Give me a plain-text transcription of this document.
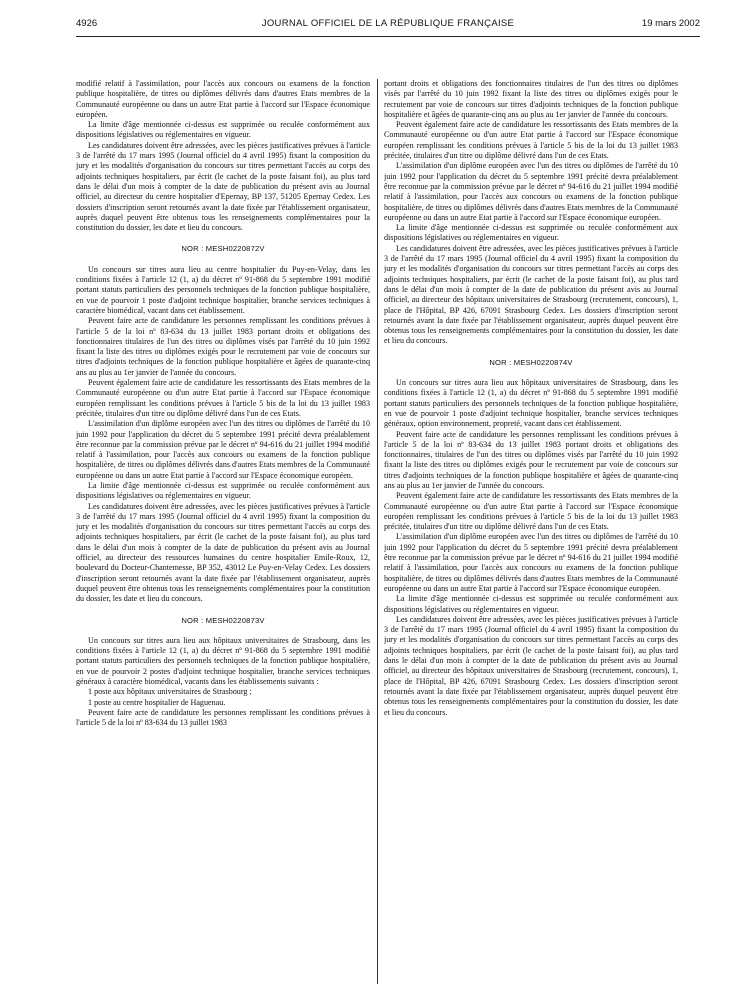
4926	JOURNAL OFFICIEL DE LA RÉPUBLIQUE FRANÇAISE	19 mars 2002

modifié relatif à l'assimilation, pour l'accès aux concours ou examens de la fonction publique hospitalière, de titres ou diplômes délivrés dans d'autres Etats membres de la Communauté européenne ou dans un autre Etat partie à l'accord sur l'Espace économique européen.

La limite d'âge mentionnée ci-dessus est supprimée ou reculée conformément aux dispositions législatives ou réglementaires en vigueur.

Les candidatures doivent être adressées, avec les pièces justificatives prévues à l'article 3 de l'arrêté du 17 mars 1995 (Journal officiel du 4 avril 1995) fixant la composition du jury et les modalités d'organisation du concours sur titres permettant l'accès au corps des adjoints techniques hospitaliers, par écrit (le cachet de la poste faisant foi), au plus tard dans le délai d'un mois à compter de la date de publication du présent avis au Journal officiel, au directeur du centre hospitalier d'Epernay, BP 137, 51205 Epernay Cedex. Les dossiers d'inscription seront retournés avant la date fixée par l'établissement organisateur, auprès duquel peuvent être obtenus tous les renseignements complémentaires pour la constitution du dossier, les date et lieu du concours.

NOR : MESH0220872V

Un concours sur titres aura lieu au centre hospitalier du Puy-en-Velay, dans les conditions fixées à l'article 12 (1, a) du décret nº 91-868 du 5 septembre 1991 modifié portant statuts particuliers des personnels techniques de la fonction publique hospitalière, en vue de pourvoir 1 poste d'adjoint technique hospitalier, branche services techniques à caractère biomédical, vacant dans cet établissement.

Peuvent faire acte de candidature les personnes remplissant les conditions prévues à l'article 5 de la loi nº 83-634 du 13 juillet 1983 portant droits et obligations des fonctionnaires titulaires de l'un des titres ou diplômes visés par l'arrêté du 10 juin 1992 fixant la liste des titres ou diplômes exigés pour le recrutement par voie de concours sur titres d'adjoints techniques de la fonction publique hospitalière et âgées de quarante-cinq ans au plus au 1er janvier de l'année du concours.

Peuvent également faire acte de candidature les ressortissants des Etats membres de la Communauté européenne ou d'un autre Etat partie à l'accord sur l'Espace économique européen remplissant les conditions prévues à l'article 5 bis de la loi du 13 juillet 1983 précitée, titulaires d'un titre ou diplôme délivré dans l'un de ces Etats.

L'assimilation d'un diplôme européen avec l'un des titres ou diplômes de l'arrêté du 10 juin 1992 pour l'application du décret du 5 septembre 1991 précité devra préalablement être reconnue par la commission prévue par le décret nº 94-616 du 21 juillet 1994 modifié relatif à l'assimilation, pour l'accès aux concours ou examens de la fonction publique hospitalière, de titres ou diplômes délivrés dans d'autres Etats membres de la Communauté européenne ou dans un autre Etat partie à l'accord sur l'Espace économique européen.

La limite d'âge mentionnée ci-dessus est supprimée ou reculée conformément aux dispositions législatives ou réglementaires en vigueur.

Les candidatures doivent être adressées, avec les pièces justificatives prévues à l'article 3 de l'arrêté du 17 mars 1995 (Journal officiel du 4 avril 1995) fixant la composition du jury et les modalités d'organisation du concours sur titres permettant l'accès au corps des adjoints techniques hospitaliers, par écrit (le cachet de la poste faisant foi), au plus tard dans le délai d'un mois à compter de la date de publication du présent avis au Journal officiel, au directeur des ressources humaines du centre hospitalier Emile-Roux, 12, boulevard du Docteur-Chantemesse, BP 352, 43012 Le Puy-en-Velay Cedex. Les dossiers d'inscription seront retournés avant la date fixée par l'établissement organisateur, auprès duquel peuvent être obtenus tous les renseignements complémentaires pour la constitution du dossier, les date et lieu du concours.

NOR : MESH0220873V

Un concours sur titres aura lieu aux hôpitaux universitaires de Strasbourg, dans les conditions fixées à l'article 12 (1, a) du décret nº 91-868 du 5 septembre 1991 modifié portant statuts particuliers des personnels techniques de la fonction publique hospitalière, en vue de pourvoir 2 postes d'adjoint technique hospitalier, branche services techniques généraux à caractère biomédical, vacants dans les établissements suivants :

1 poste aux hôpitaux universitaires de Strasbourg ;

1 poste au centre hospitalier de Haguenau.

Peuvent faire acte de candidature les personnes remplissant les conditions prévues à l'article 5 de la loi nº 83-634 du 13 juillet 1983

portant droits et obligations des fonctionnaires titulaires de l'un des titres ou diplômes visés par l'arrêté du 10 juin 1992 fixant la liste des titres ou diplômes exigés pour le recrutement par voie de concours sur titres d'adjoints techniques de la fonction publique hospitalière et âgées de quarante-cinq ans au plus au 1er janvier de l'année du concours.

Peuvent également faire acte de candidature les ressortissants des Etats membres de la Communauté européenne ou d'un autre Etat partie à l'accord sur l'Espace économique européen remplissant les conditions prévues à l'article 5 bis de la loi du 13 juillet 1983 précitée, titulaires d'un titre ou diplôme délivré dans l'un de ces Etats.

L'assimilation d'un diplôme européen avec l'un des titres ou diplômes de l'arrêté du 10 juin 1992 pour l'application du décret du 5 septembre 1991 précité devra préalablement être reconnue par la commission prévue par le décret nº 94-616 du 21 juillet 1994 modifié relatif à l'assimilation, pour l'accès aux concours ou examens de la fonction publique hospitalière, de titres ou diplômes délivrés dans d'autres Etats membres de la Communauté européenne ou dans un autre Etat partie à l'accord sur l'Espace économique européen.

La limite d'âge mentionnée ci-dessus est supprimée ou reculée conformément aux dispositions législatives ou réglementaires en vigueur.

Les candidatures doivent être adressées, avec les pièces justificatives prévues à l'article 3 de l'arrêté du 17 mars 1995 (Journal officiel du 4 avril 1995) fixant la composition du jury et les modalités d'organisation du concours sur titres permettant l'accès au corps des adjoints techniques hospitaliers, par écrit (le cachet de la poste faisant foi), au plus tard dans le délai d'un mois à compter de la date de publication du présent avis au Journal officiel, au directeur des hôpitaux universitaires de Strasbourg (recrutement, concours), 1, place de l'Hôpital, BP 426, 67091 Strasbourg Cedex. Les dossiers d'inscription seront retournés avant la date fixée par l'établissement organisateur, auprès duquel peuvent être obtenus tous les renseignements complémentaires pour la constitution du dossier, les date et lieu du concours.

NOR : MESH0220874V

Un concours sur titres aura lieu aux hôpitaux universitaires de Strasbourg, dans les conditions fixées à l'article 12 (1, a) du décret nº 91-868 du 5 septembre 1991 modifié portant statuts particuliers des personnels techniques de la fonction publique hospitalière, en vue de pourvoir 1 poste d'adjoint technique hospitalier, branche services techniques généraux, option environnement, propreté, vacant dans cet établissement.

Peuvent faire acte de candidature les personnes remplissant les conditions prévues à l'article 5 de la loi nº 83-634 du 13 juillet 1983 portant droits et obligations des fonctionnaires, titulaires de l'un des titres ou diplômes visés par l'arrêté du 10 juin 1992 fixant la liste des titres ou diplômes exigés pour le recrutement par voie de concours sur titres d'adjoints techniques de la fonction publique hospitalière et âgées de quarante-cinq ans au plus au 1er janvier de l'année du concours.

Peuvent également faire acte de candidature les ressortissants des Etats membres de la Communauté européenne ou d'un autre Etat partie à l'accord sur l'Espace économique européen remplissant les conditions prévues à l'article 5 bis de la loi du 13 juillet 1983 précitée, titulaires d'un titre ou diplôme délivré dans l'un de ces Etats.

L'assimilation d'un diplôme européen avec l'un des titres ou diplômes de l'arrêté du 10 juin 1992 pour l'application du décret du 5 septembre 1991 précité devra préalablement être reconnue par la commission prévue par le décret nº 94-616 du 21 juillet 1994 modifié relatif à l'assimilation, pour l'accès aux concours ou examens de la fonction publique hospitalière, de titres ou diplômes délivrés dans d'autres Etats membres de la Communauté européenne ou dans un autre Etat partie à l'accord sur l'Espace économique européen.

La limite d'âge mentionnée ci-dessus est supprimée ou reculée conformément aux dispositions législatives ou réglementaires en vigueur.

Les candidatures doivent être adressées, avec les pièces justificatives prévues à l'article 3 de l'arrêté du 17 mars 1995 (Journal officiel du 4 avril 1995) fixant la composition du jury et les modalités d'organisation du concours sur titres permettant l'accès au corps des adjoints techniques hospitaliers, par écrit (le cachet de la poste faisant foi), au plus tard dans le délai d'un mois à compter de la date de publication du présent avis au Journal officiel, au directeur des hôpitaux universitaires de Strasbourg (recrutement, concours), 1, place de l'Hôpital, BP 426, 67091 Strasbourg Cedex. Les dossiers d'inscription seront retournés avant la date fixée par l'établissement organisateur, auprès duquel peuvent être obtenus tous les renseignements complémentaires pour la constitution du dossier, les date et lieu du concours.
